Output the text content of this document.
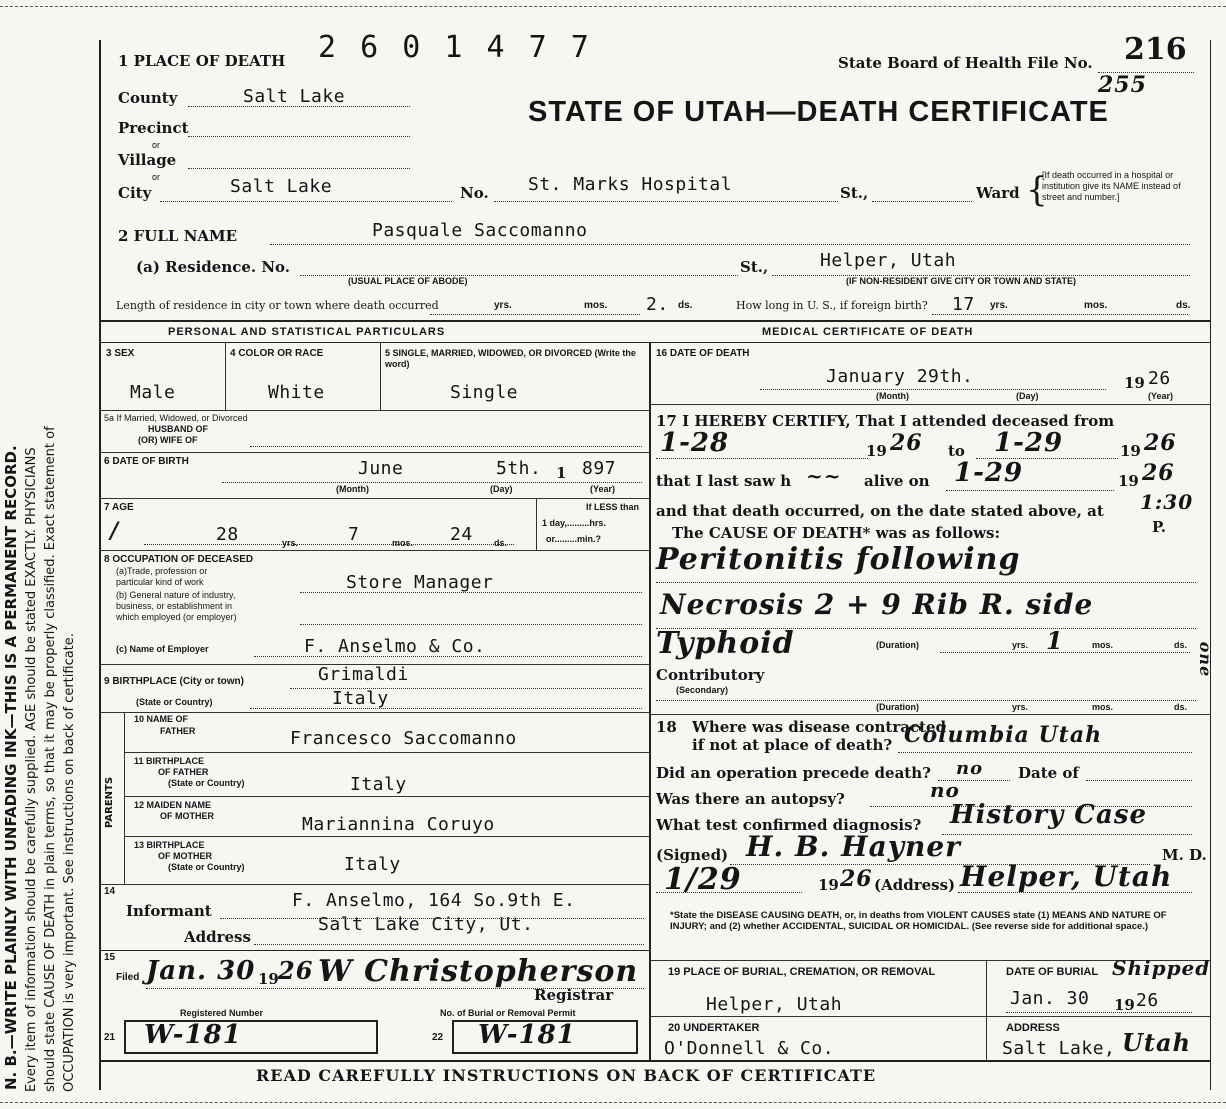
N. B.—WRITE PLAINLY WITH UNFADING INK—THIS IS A PERMANENT RECORD. Every item of information should be carefully supplied. AGE should be stated EXACTLY. PHYSICIANS should state CAUSE OF DEATH in plain terms, so that it may be properly classified. Exact statement of OCCUPATION is very important. See instructions on back of certificate.
1 PLACE OF DEATH 2 6 0 1 4 7 7	State Board of Health File No. 216
255
STATE OF UTAH—DEATH CERTIFICATE
County	Salt Lake
Precinct
or
Village
or
City	Salt Lake	No. St. Marks Hospital	St.,	Ward {
[If death occurred in a hospital or institution give its NAME instead of street and number.]
2 FULL NAME	Pasquale Saccomanno
(a) Residence. No.
(USUAL PLACE OF ABODE)
St.,	Helper, Utah
(IF NON-RESIDENT GIVE CITY OR TOWN AND STATE)
Length of residence in city or town where death occurred	yrs.	mos. 2. ds.	How long in U. S., if foreign birth? 17 yrs.	mos.	ds.
PERSONAL AND STATISTICAL PARTICULARS	MEDICAL CERTIFICATE OF DEATH
3 SEX	4 COLOR OR RACE	5 SINGLE, MARRIED, WIDOWED, OR DIVORCED (Write the word)
Male	White	Single
5a If Married, Widowed, or Divorced
HUSBAND OF
(OR) WIFE OF
6 DATE OF BIRTH	June	5th. 1 897
(Month)	(Day)	(Year)
7 AGE
/	28	yrs.	7	mos. 24 ds.
If LESS than
1 day,.........hrs.
or.........min.?
8 OCCUPATION OF DECEASED
(a)Trade, profession or
particular kind of work
(b) General nature of industry,
business, or establishment in
which employed (or employer)
Store Manager
(c) Name of Employer	F. Anselmo & Co.
9 BIRTHPLACE (City or town)	Grimaldi
(State or Country)	Italy
PARENTS
10 NAME OF
FATHER	Francesco Saccomanno
11 BIRTHPLACE
OF FATHER
(State or Country)	Italy
12 MAIDEN NAME
OF MOTHER	Mariannina Coruyo
13 BIRTHPLACE
OF MOTHER
(State or Country)	Italy
14
Informant	F. Anselmo, 164 So.9th E.
Address
Salt Lake City, Ut.
15
Filed Jan. 30 19 26 W Christopherson
Registrar
Registered Number	No. of Burial or Removal Permit
21 W-181	22 W-181
16 DATE OF DEATH
January 29th.	19 26
(Month)	(Day)	(Year)
17 I HEREBY CERTIFY, That I attended deceased from
1-28	19 26 to 1-29	19 26
that I last saw h ~~ alive on 1-29	19 26
and that death occurred, on the date stated above, at 1:30
The CAUSE OF DEATH* was as follows:	P.
Peritonitis following
Necrosis 2 + 9 Rib R. side
Typhoid	(Duration)	yrs. 1	mos.	ds.
Contributory
(Secondary)
(Duration)	yrs.	mos.	ds.
one
18 Where was disease contracted
if not at place of death? Columbia Utah
Did an operation precede death? no Date of
Was there an autopsy?	no
What test confirmed diagnosis? History Case
(Signed) H. B. Hayner	M. D.
1/29	19 26 (Address) Helper, Utah
*State the DISEASE CAUSING DEATH, or, in deaths from VIOLENT CAUSES state (1) MEANS AND NATURE OF INJURY; and (2) whether ACCIDENTAL, SUICIDAL OR HOMICIDAL. (See reverse side for additional space.)
19 PLACE OF BURIAL, CREMATION, OR REMOVAL
Helper, Utah
DATE OF BURIAL Shipped
Jan. 30 19 26
20 UNDERTAKER
O'Donnell & Co.
ADDRESS
Salt Lake, Utah
READ CAREFULLY INSTRUCTIONS ON BACK OF CERTIFICATE
